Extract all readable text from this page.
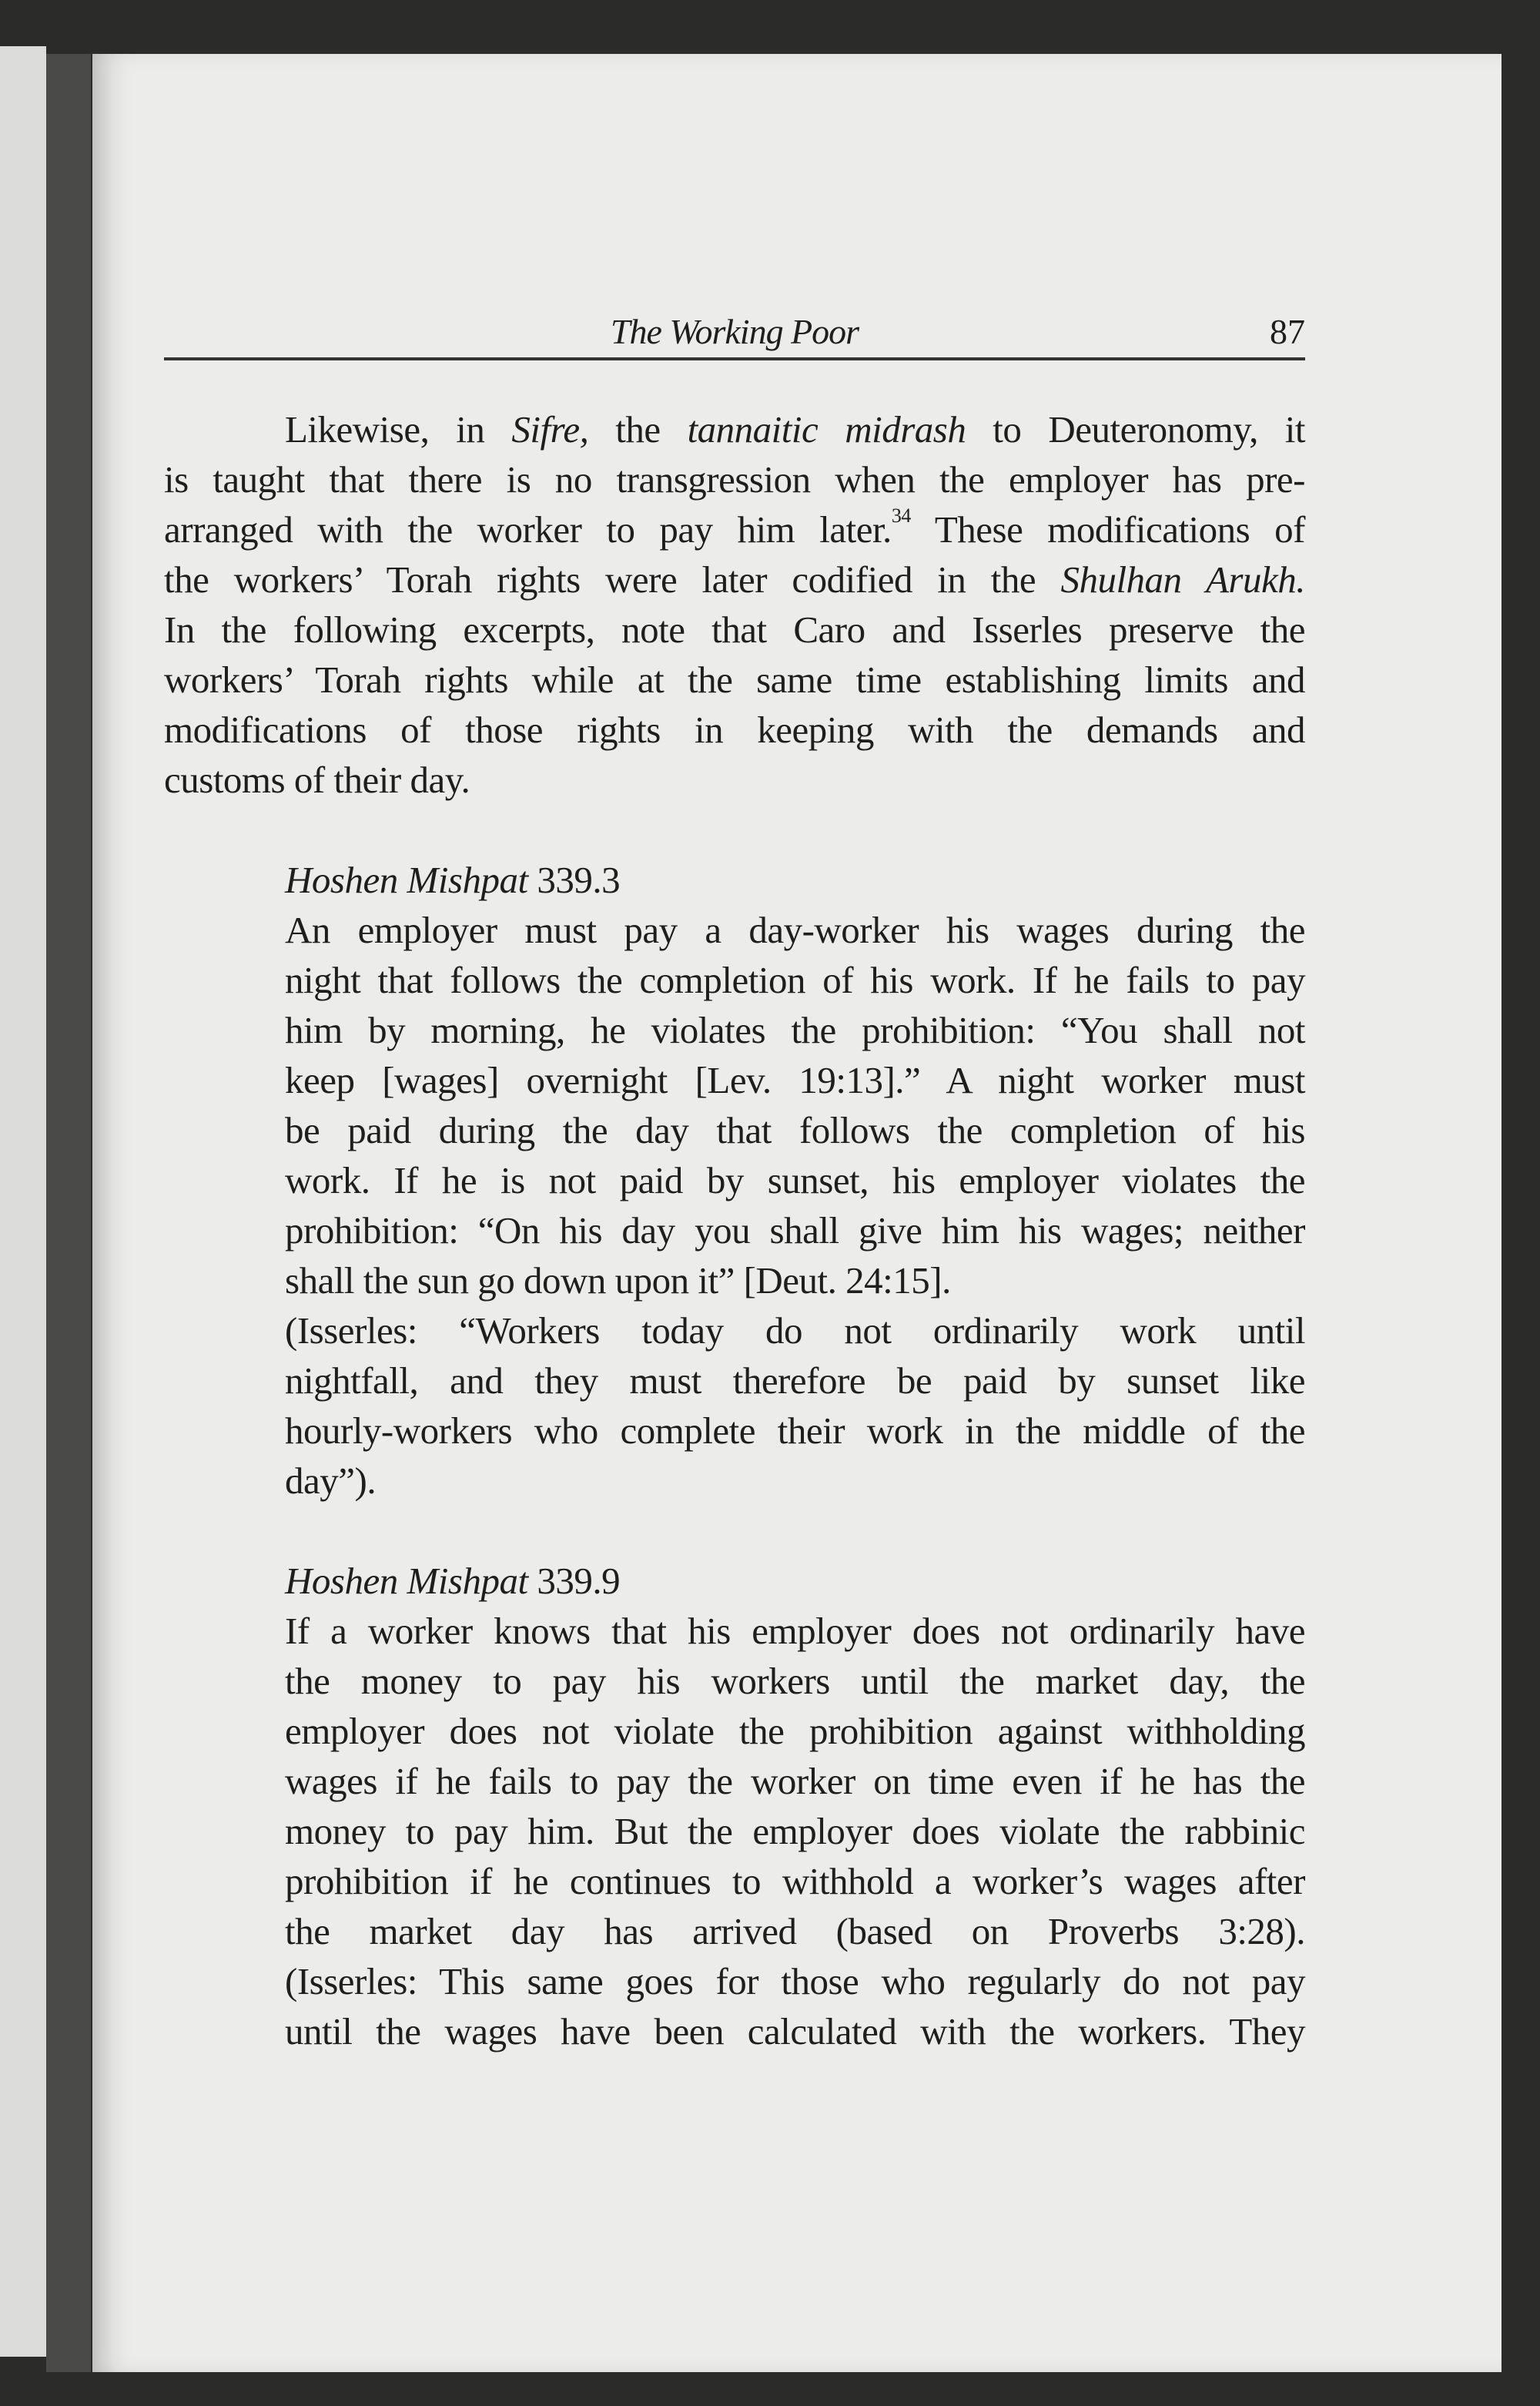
The Working Poor	87
Likewise, in Sifre, the tannaitic midrash to Deuteronomy, it
is taught that there is no transgression when the employer has pre-
arranged with the worker to pay him later.$^{34}$ These modifications of
the workers’ Torah rights were later codified in the Shulhan Arukh.
In the following excerpts, note that Caro and Isserles preserve the
workers’ Torah rights while at the same time establishing limits and
modifications of those rights in keeping with the demands and
customs of their day.
Hoshen Mishpat 339.3
An employer must pay a day-worker his wages during the
night that follows the completion of his work. If he fails to pay
him by morning, he violates the prohibition: “You shall not
keep [wages] overnight [Lev. 19:13].” A night worker must
be paid during the day that follows the completion of his
work. If he is not paid by sunset, his employer violates the
prohibition: “On his day you shall give him his wages; neither
shall the sun go down upon it” [Deut. 24:15].
(Isserles: “Workers today do not ordinarily work until
nightfall, and they must therefore be paid by sunset like
hourly-workers who complete their work in the middle of the
day”).
Hoshen Mishpat 339.9
If a worker knows that his employer does not ordinarily have
the money to pay his workers until the market day, the
employer does not violate the prohibition against withholding
wages if he fails to pay the worker on time even if he has the
money to pay him. But the employer does violate the rabbinic
prohibition if he continues to withhold a worker’s wages after
the market day has arrived (based on Proverbs 3:28).
(Isserles: This same goes for those who regularly do not pay
until the wages have been calculated with the workers. They
